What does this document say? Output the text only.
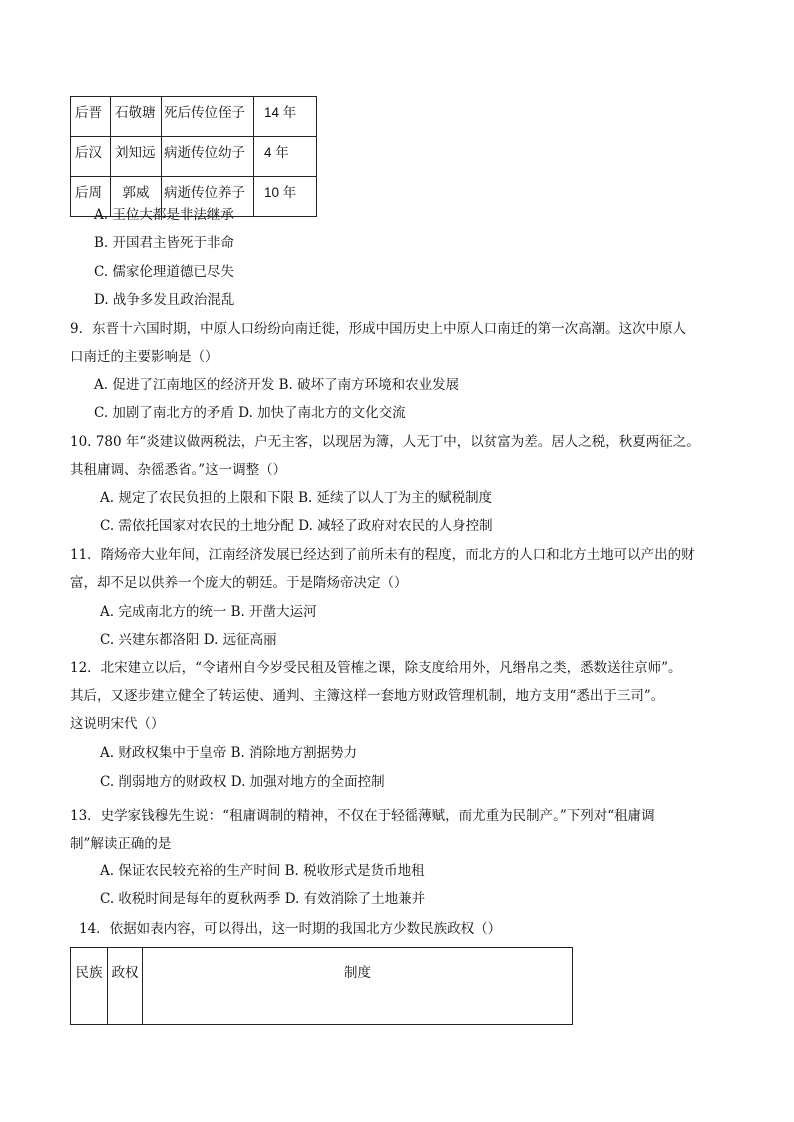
后晋	石敬瑭	死后传位侄子	14 年
后汉	刘知远	病逝传位幼子	4 年
后周	郭威	病逝传位养子	10 年
A. 王位大都是非法继承
B. 开国君主皆死于非命
C. 儒家伦理道德已尽失
D. 战争多发且政治混乱
9．东晋十六国时期，中原人口纷纷向南迁徙，形成中国历史上中原人口南迁的第一次高潮。这次中原人
口南迁的主要影响是（）
A. 促进了江南地区的经济开发 B. 破坏了南方环境和农业发展
C. 加剧了南北方的矛盾 D. 加快了南北方的文化交流
10. 780 年“炎建议做两税法，户无主客，以现居为簿，人无丁中，以贫富为差。居人之税，秋夏两征之。
其租庸调、杂徭悉省。”这一调整（）
A. 规定了农民负担的上限和下限 B. 延续了以人丁为主的赋税制度
C. 需依托国家对农民的土地分配 D. 减轻了政府对农民的人身控制
11．隋炀帝大业年间，江南经济发展已经达到了前所未有的程度，而北方的人口和北方土地可以产出的财
富，却不足以供养一个庞大的朝廷。于是隋炀帝决定（）
A. 完成南北方的统一 B. 开凿大运河
C. 兴建东都洛阳 D. 远征高丽
12．北宋建立以后，“令诸州自今岁受民租及管榷之课，除支度给用外，凡缗帛之类，悉数送往京师”。
其后，又逐步建立健全了转运使、通判、主簿这样一套地方财政管理机制，地方支用“悉出于三司”。
这说明宋代（）
A. 财政权集中于皇帝 B. 消除地方割据势力
C. 削弱地方的财政权 D. 加强对地方的全面控制
13．史学家钱穆先生说：“租庸调制的精神，不仅在于轻徭薄赋，而尤重为民制产。”下列对“租庸调
制”解读正确的是
A. 保证农民较充裕的生产时间 B. 税收形式是货币地租
C. 收税时间是每年的夏秋两季 D. 有效消除了土地兼并
14．依据如表内容，可以得出，这一时期的我国北方少数民族政权（）
民族	政权	制度
